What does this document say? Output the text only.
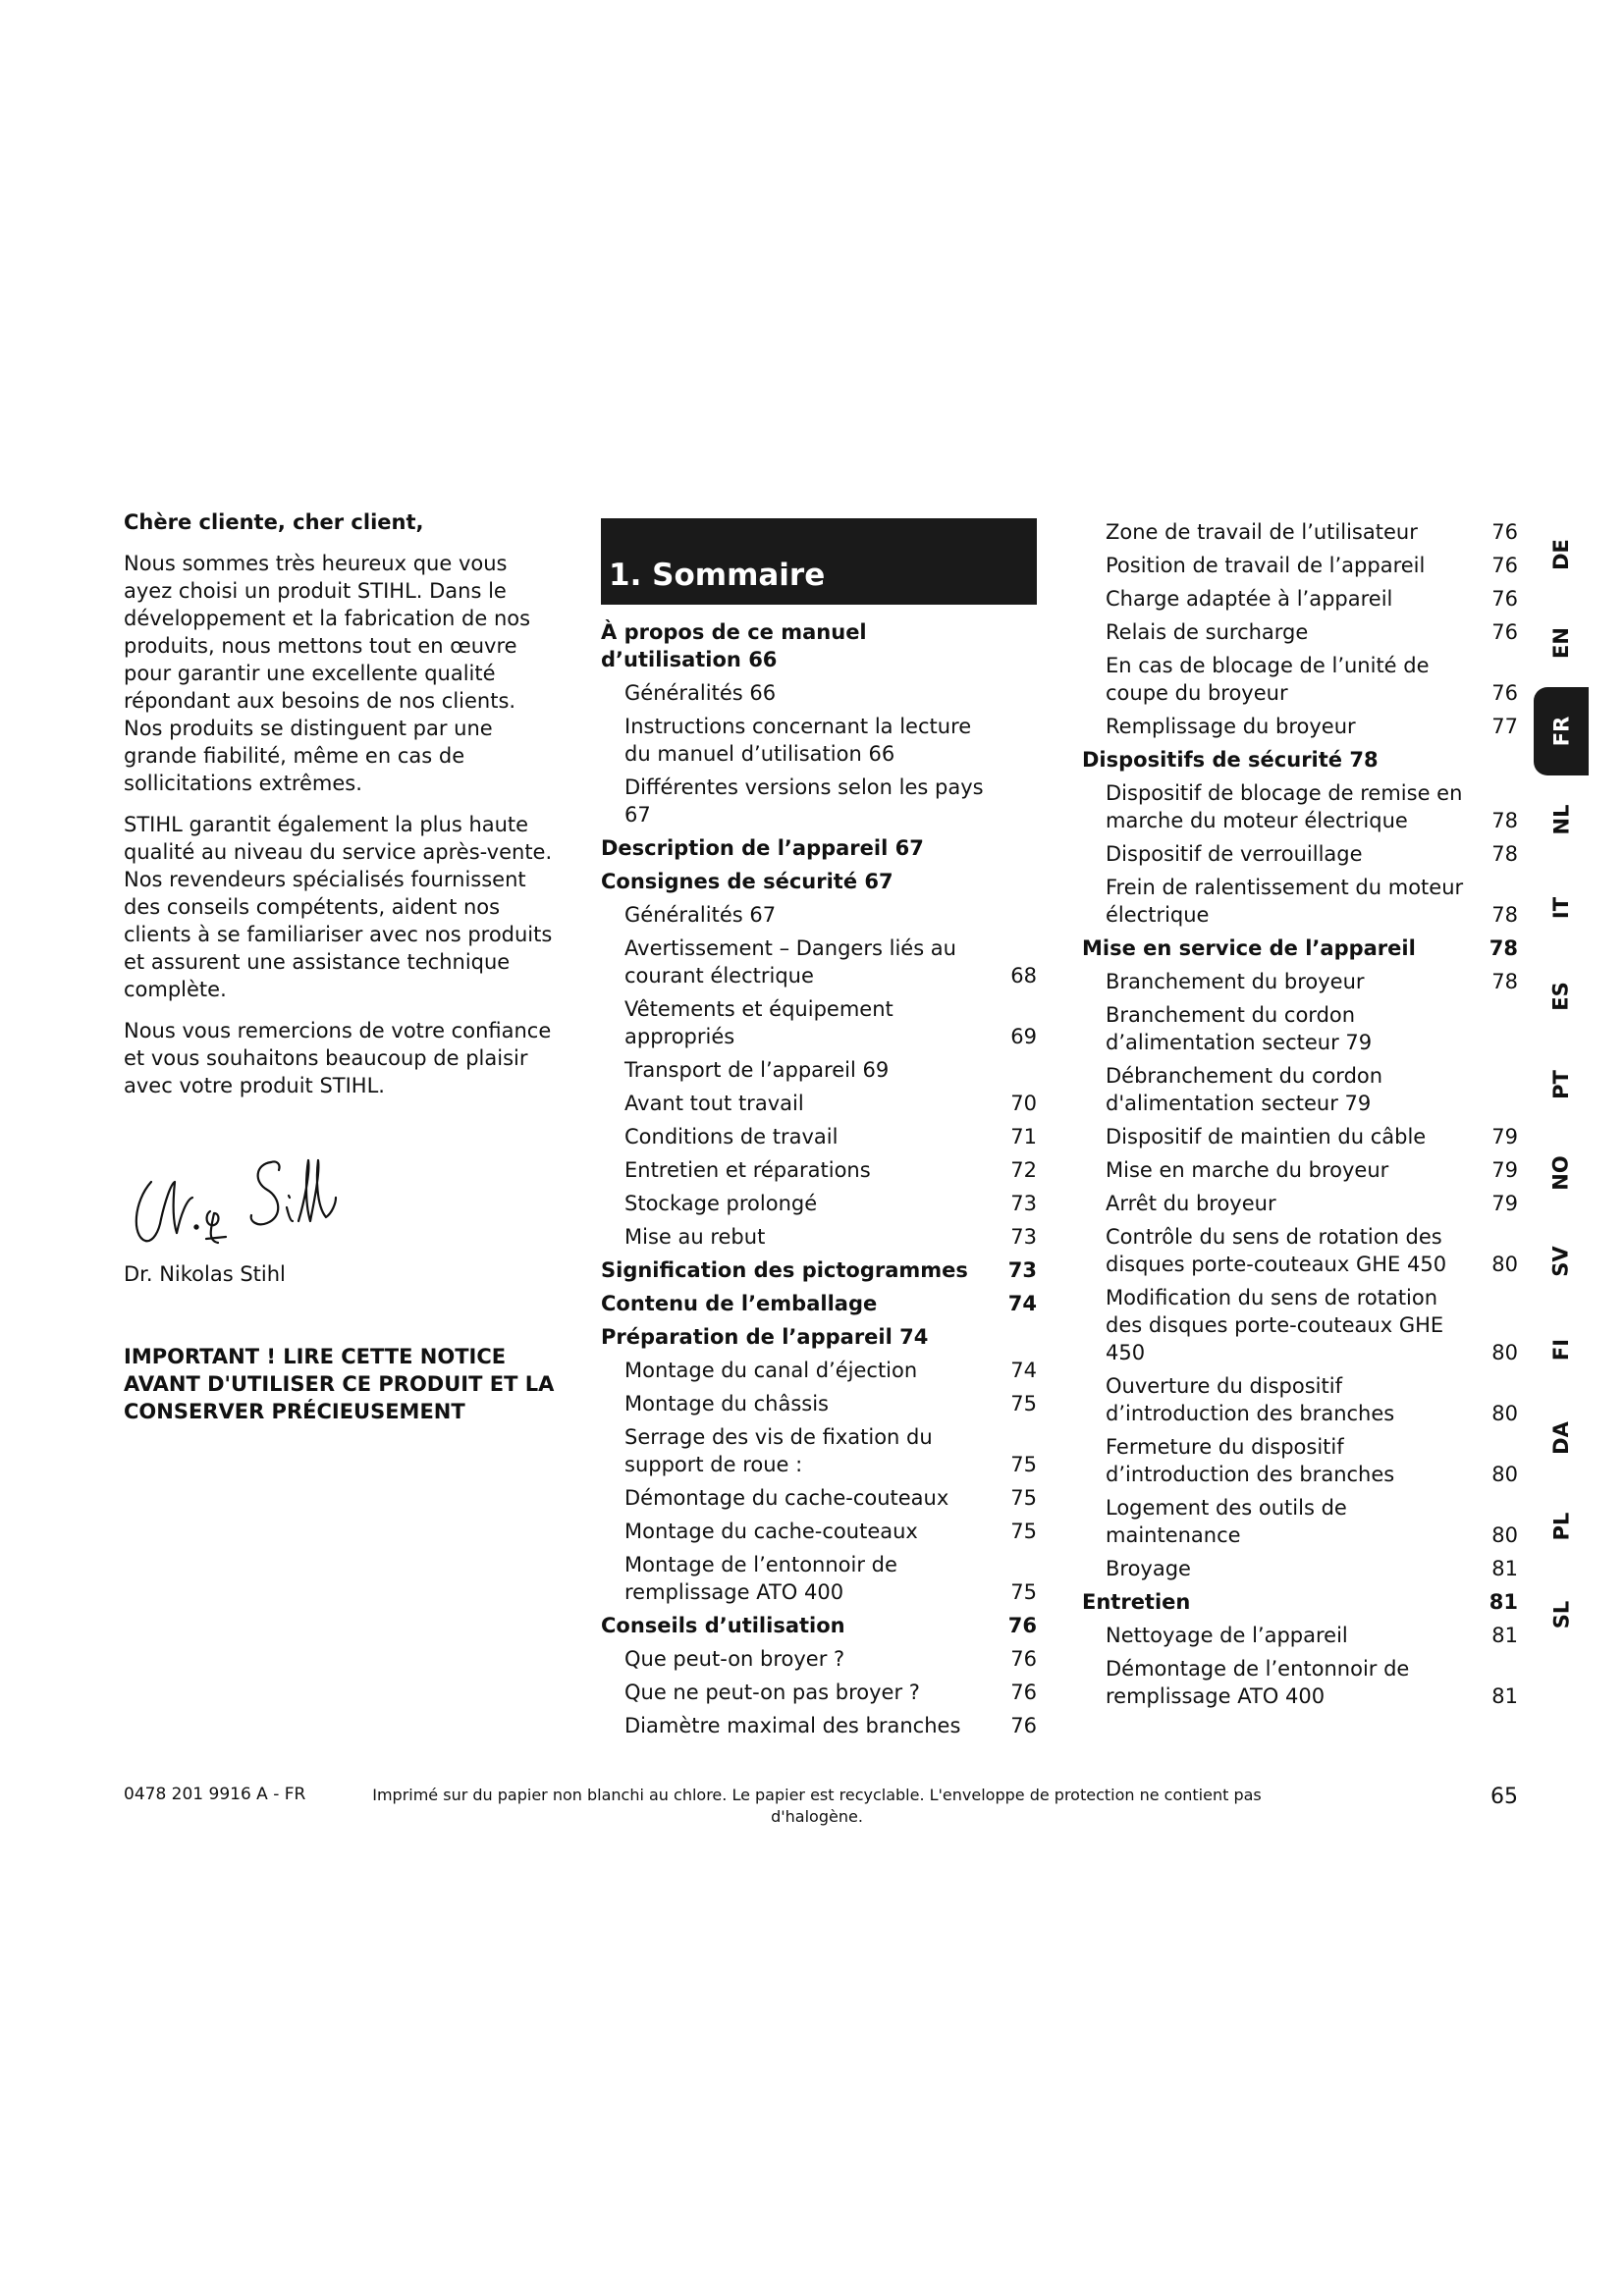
Chère cliente, cher client,

Nous sommes très heureux que vous ayez choisi un produit STIHL. Dans le développement et la fabrication de nos produits, nous mettons tout en œuvre pour garantir une excellente qualité répondant aux besoins de nos clients. Nos produits se distinguent par une grande fiabilité, même en cas de sollicitations extrêmes.

STIHL garantit également la plus haute qualité au niveau du service après-vente. Nos revendeurs spécialisés fournissent des conseils compétents, aident nos clients à se familiariser avec nos produits et assurent une assistance technique complète.

Nous vous remercions de votre confiance et vous souhaitons beaucoup de plaisir avec votre produit STIHL.

Dr. Nikolas Stihl
IMPORTANT ! LIRE CETTE NOTICE AVANT D'UTILISER CE PRODUIT ET LA CONSERVER PRÉCIEUSEMENT
1. Sommaire
À propos de ce manuel d’utilisation 66
Généralités 66
Instructions concernant la lecture du manuel d’utilisation 66
Différentes versions selon les pays 67
Description de l’appareil 67
Consignes de sécurité 67
Généralités 67
Avertissement – Dangers liés au courant électrique	68
Vêtements et équipement appropriés	69
Transport de l’appareil 69
Avant tout travail	70
Conditions de travail	71
Entretien et réparations	72
Stockage prolongé	73
Mise au rebut	73
Signification des pictogrammes	73
Contenu de l’emballage	74
Préparation de l’appareil 74
Montage du canal d’éjection	74
Montage du châssis	75
Serrage des vis de fixation du support de roue :	75
Démontage du cache-couteaux	75
Montage du cache-couteaux	75
Montage de l’entonnoir de remplissage ATO 400	75
Conseils d’utilisation	76
Que peut-on broyer ?	76
Que ne peut-on pas broyer ?	76
Diamètre maximal des branches	76
Zone de travail de l’utilisateur	76
Position de travail de l’appareil	76
Charge adaptée à l’appareil	76
Relais de surcharge	76
En cas de blocage de l’unité de coupe du broyeur	76
Remplissage du broyeur	77
Dispositifs de sécurité 78
Dispositif de blocage de remise en marche du moteur électrique	78
Dispositif de verrouillage	78
Frein de ralentissement du moteur électrique	78
Mise en service de l’appareil	78
Branchement du broyeur	78
Branchement du cordon d’alimentation secteur 79
Débranchement du cordon d'alimentation secteur 79
Dispositif de maintien du câble	79
Mise en marche du broyeur	79
Arrêt du broyeur	79
Contrôle du sens de rotation des disques porte-couteaux GHE 450	80
Modification du sens de rotation des disques porte-couteaux GHE 450	80
Ouverture du dispositif d’introduction des branches	80
Fermeture du dispositif d’introduction des branches	80
Logement des outils de maintenance	80
Broyage	81
Entretien	81
Nettoyage de l’appareil	81
Démontage de l’entonnoir de remplissage ATO 400	81
DE
EN
FR
NL
IT
ES
PT
NO
SV
FI
DA
PL
SL
0478 201 9916 A - FR	Imprimé sur du papier non blanchi au chlore. Le papier est recyclable. L'enveloppe de protection ne contient pas d'halogène.
65
